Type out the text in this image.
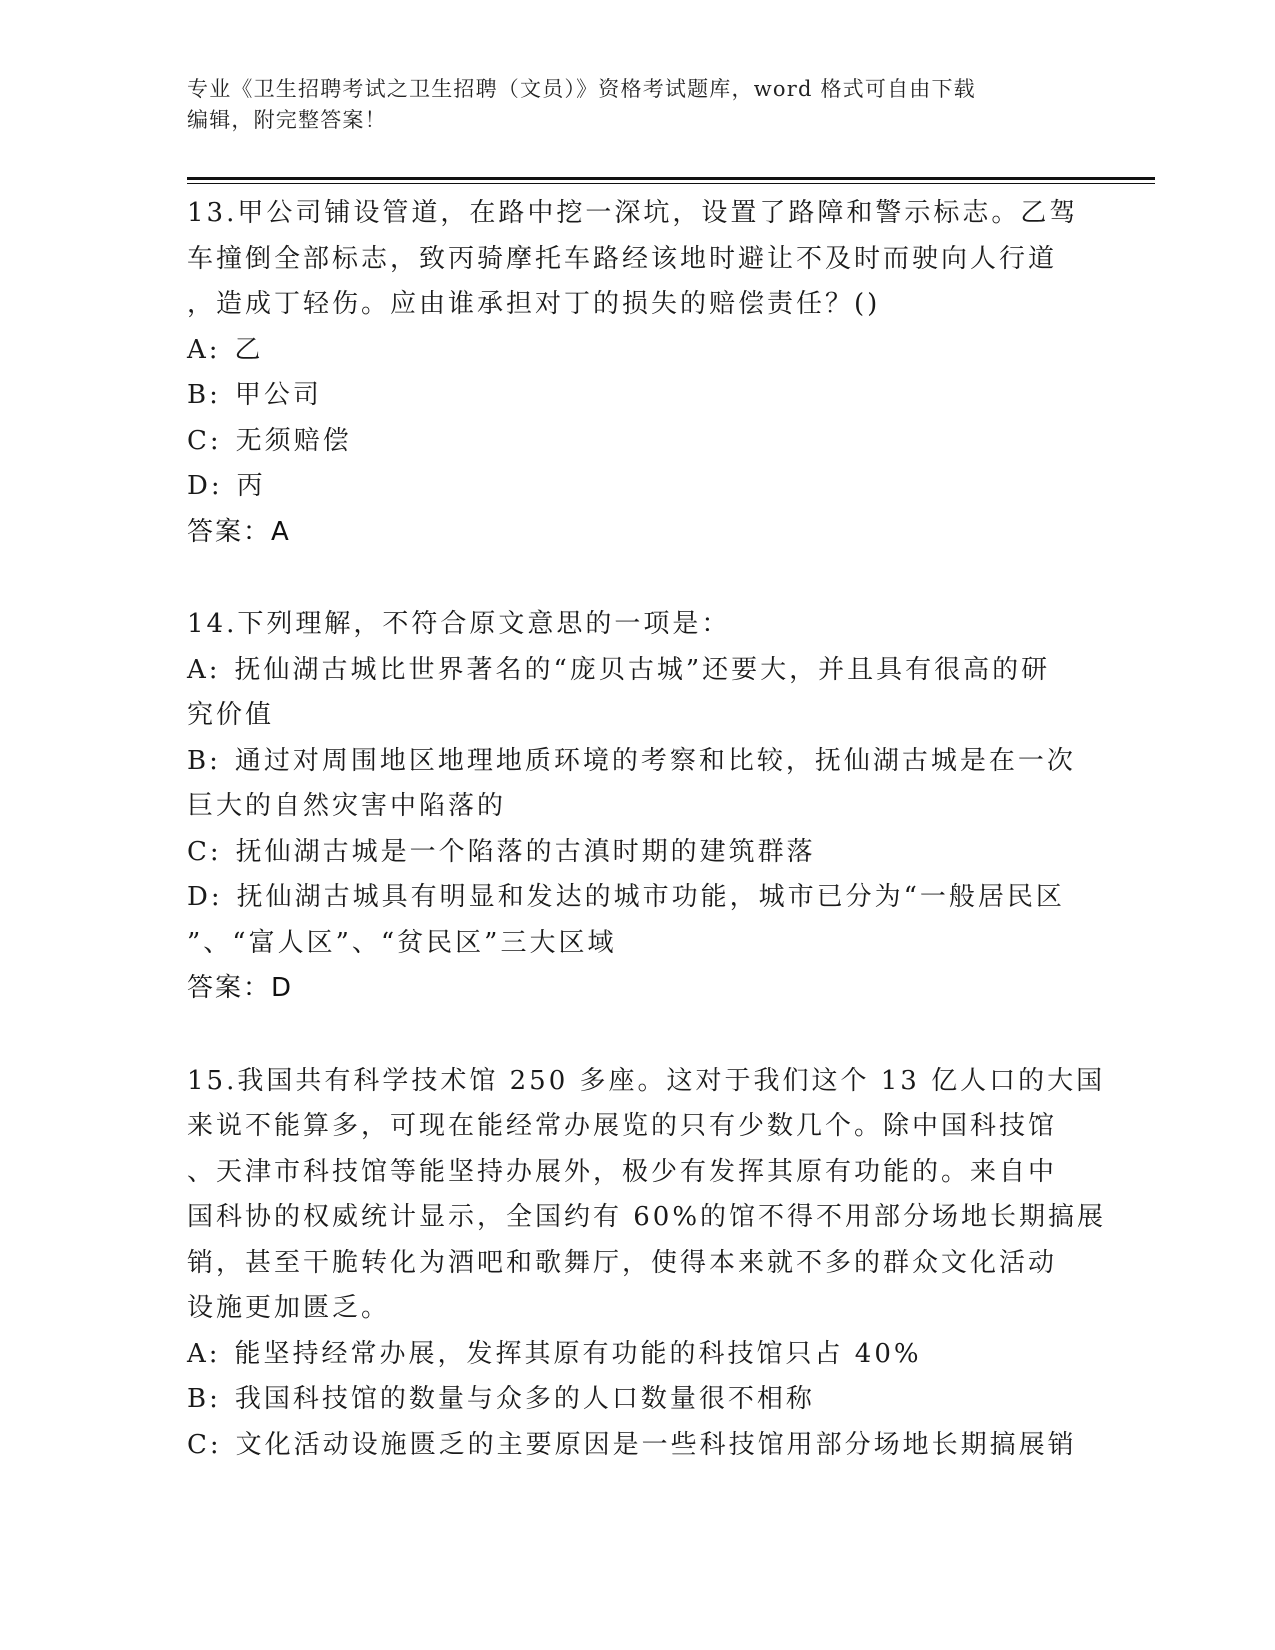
专业《卫生招聘考试之卫生招聘（文员）》资格考试题库，word 格式可自由下载
编辑，附完整答案！
13.甲公司铺设管道，在路中挖一深坑，设置了路障和警示标志。乙驾
车撞倒全部标志，致丙骑摩托车路经该地时避让不及时而驶向人行道
，造成丁轻伤。应由谁承担对丁的损失的赔偿责任？()
A: 乙
B: 甲公司
C: 无须赔偿
D: 丙
答案：A
14.下列理解，不符合原文意思的一项是：
A: 抚仙湖古城比世界著名的“庞贝古城”还要大，并且具有很高的研
究价值
B: 通过对周围地区地理地质环境的考察和比较，抚仙湖古城是在一次
巨大的自然灾害中陷落的
C: 抚仙湖古城是一个陷落的古滇时期的建筑群落
D: 抚仙湖古城具有明显和发达的城市功能，城市已分为“一般居民区
”、“富人区”、“贫民区”三大区域
答案：D
15.我国共有科学技术馆 250 多座。这对于我们这个 13 亿人口的大国
来说不能算多，可现在能经常办展览的只有少数几个。除中国科技馆
、天津市科技馆等能坚持办展外，极少有发挥其原有功能的。来自中
国科协的权威统计显示，全国约有 60%的馆不得不用部分场地长期搞展
销，甚至干脆转化为酒吧和歌舞厅，使得本来就不多的群众文化活动
设施更加匮乏。
A: 能坚持经常办展，发挥其原有功能的科技馆只占 40%
B: 我国科技馆的数量与众多的人口数量很不相称
C: 文化活动设施匮乏的主要原因是一些科技馆用部分场地长期搞展销
